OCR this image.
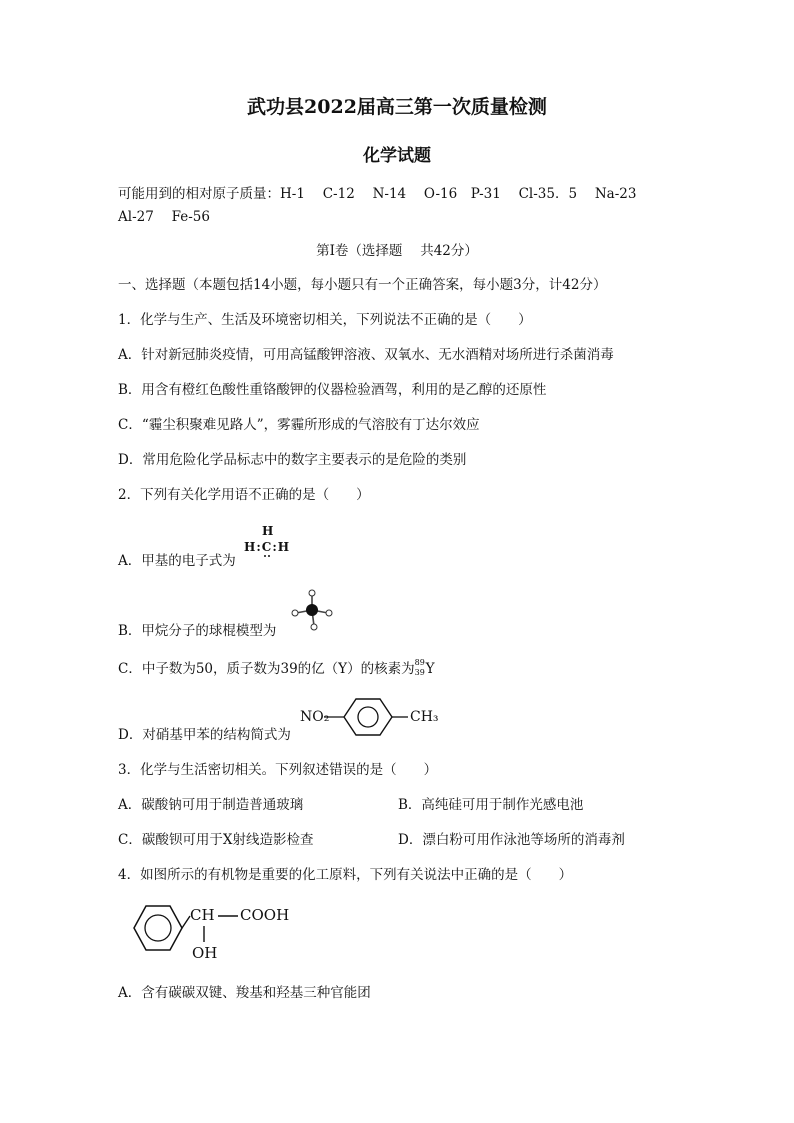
武功县2022届高三第一次质量检测
化学试题
可能用到的相对原子质量：H-1　 C-12　 N-14　 O-16　P-31　 Cl-35．5　 Na-23
Al-27　 Fe-56
第Ⅰ卷（选择题　 共42分）
一、选择题（本题包括14小题，每小题只有一个正确答案，每小题3分，计42分）
1．化学与生产、生活及环境密切相关，下列说法不正确的是（　　）
A．针对新冠肺炎疫情，可用高锰酸钾溶液、双氧水、无水酒精对场所进行杀菌消毒
B．用含有橙红色酸性重铬酸钾的仪器检验酒驾，利用的是乙醇的还原性
C．“霾尘积聚难见路人”，雾霾所形成的气溶胶有丁达尔效应
D．常用危险化学品标志中的数字主要表示的是危险的类别
2．下列有关化学用语不正确的是（　　）
A．甲基的电子式为
H
H:C:H
B．甲烷分子的球棍模型为
C．中子数为50，质子数为39的亿（Y）的核素为 89
39 Y
D．对硝基甲苯的结构简式为
NO₂	CH₃
3．化学与生活密切相关。下列叙述错误的是（　　）
A．碳酸钠可用于制造普通玻璃	B．高纯硅可用于制作光感电池
C．碳酸钡可用于X射线造影检查	D．漂白粉可用作泳池等场所的消毒剂
4．如图所示的有机物是重要的化工原料，下列有关说法中正确的是（　　）
CH COOH
OH
A．含有碳碳双键、羧基和羟基三种官能团
